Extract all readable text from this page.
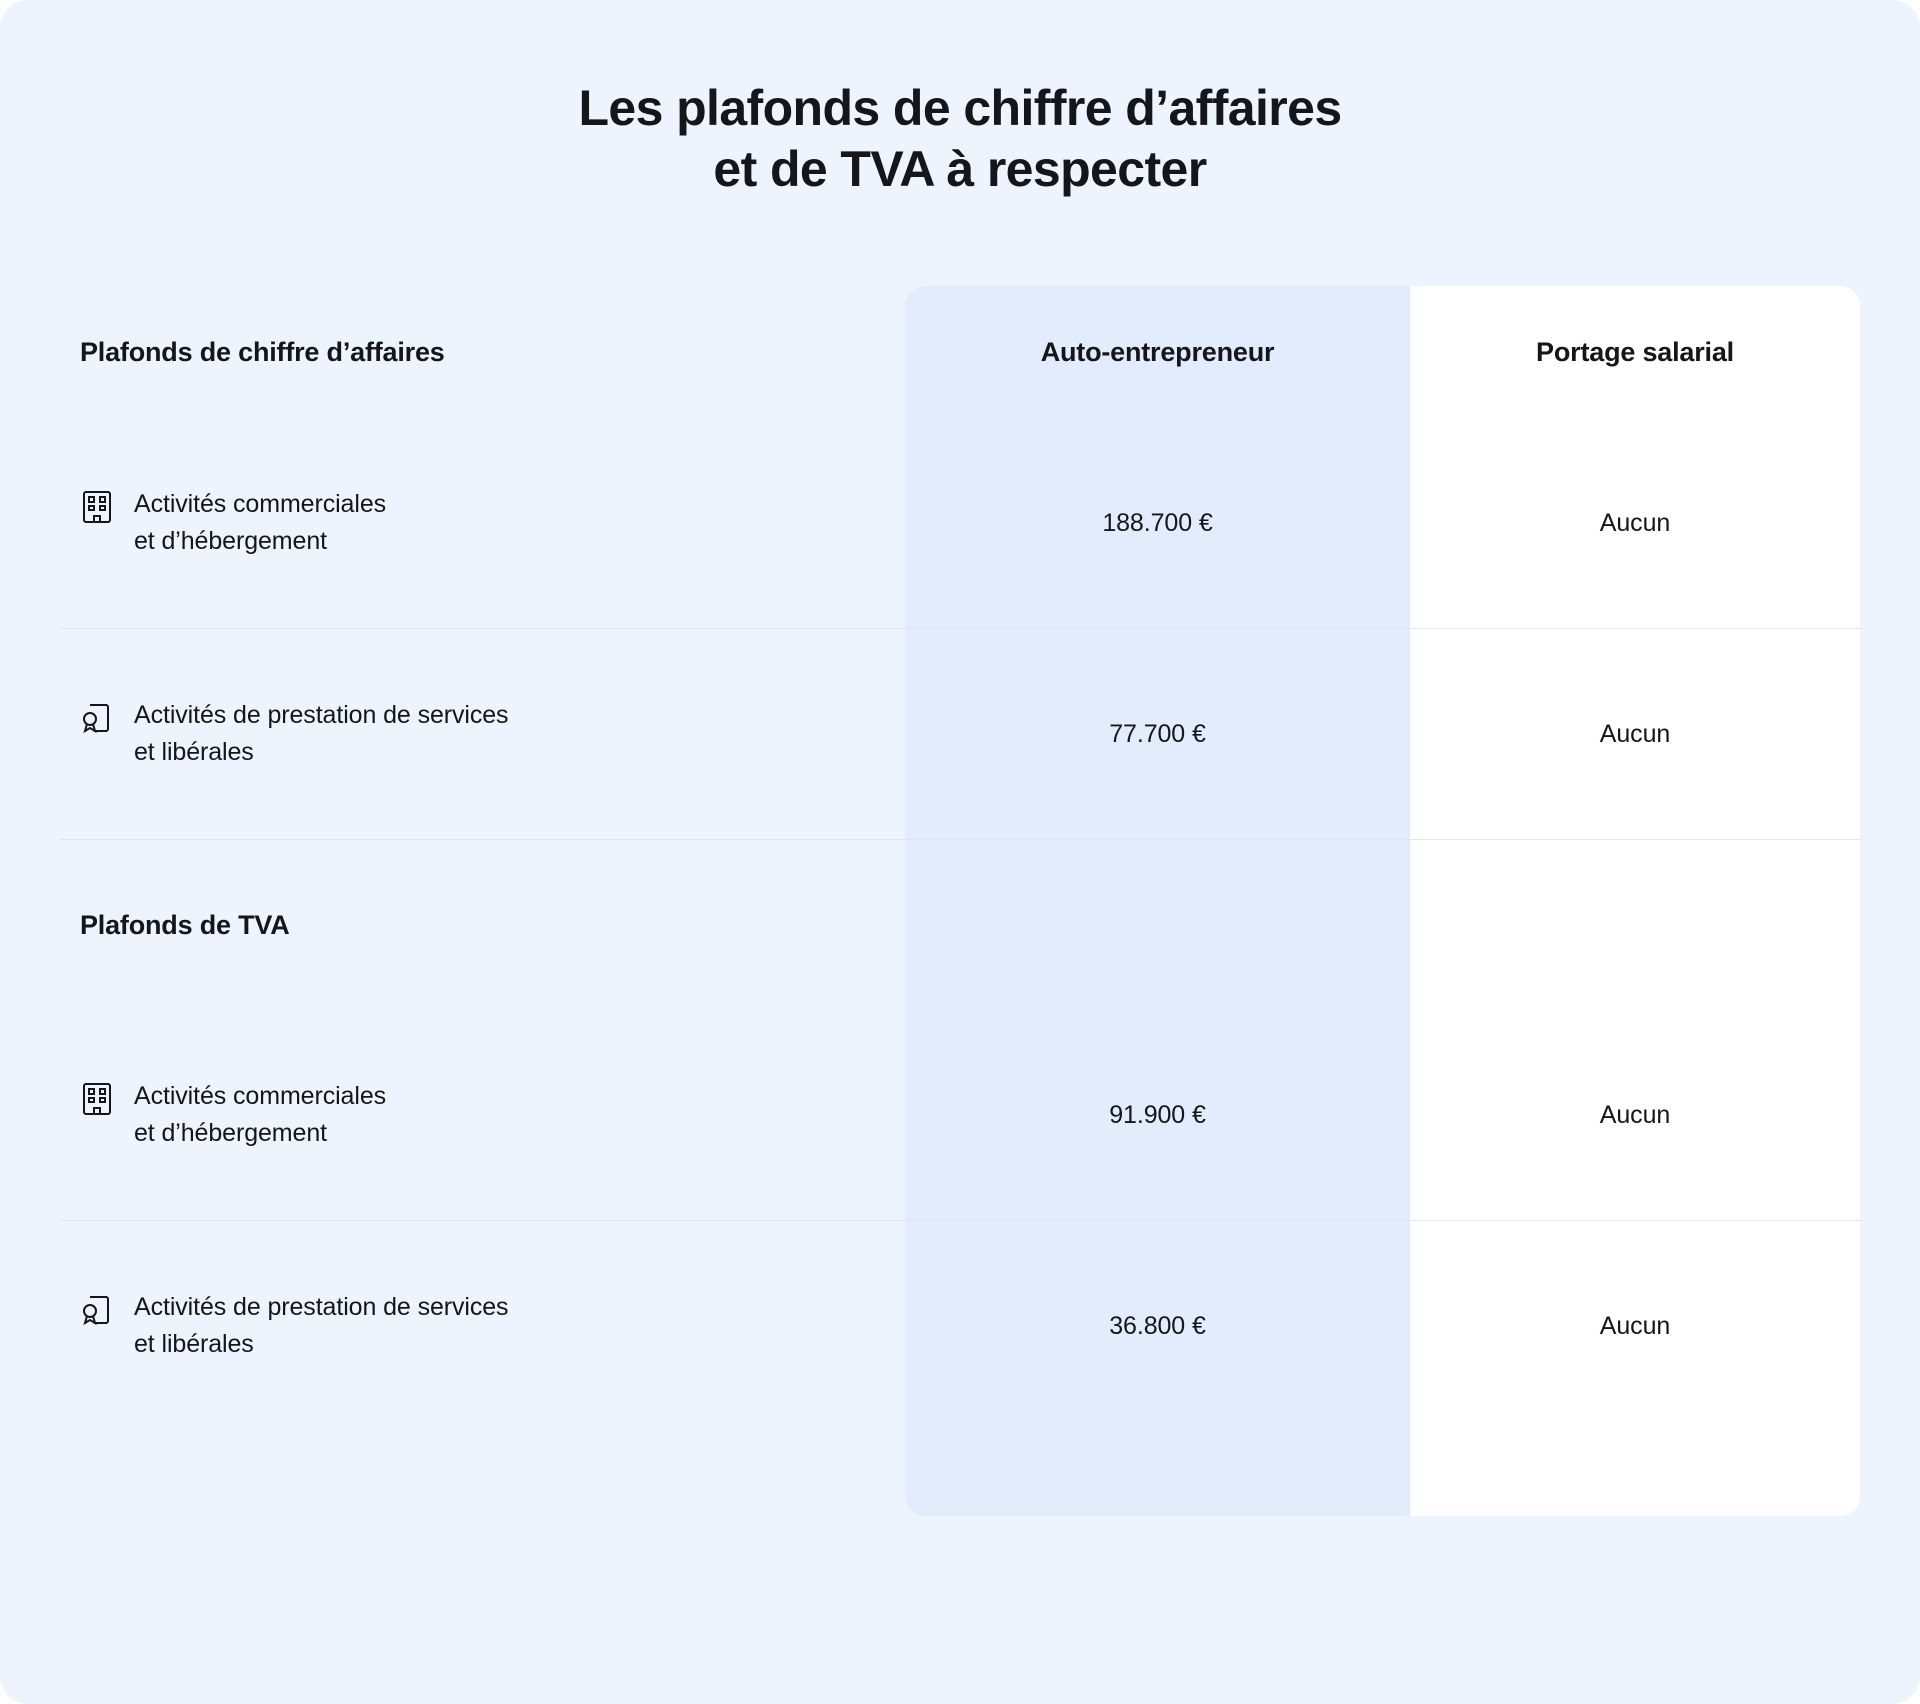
Les plafonds de chiffre d’affaires
et de TVA à respecter
Plafonds de chiffre d’affaires	Auto-entrepreneur	Portage salarial

Activités commerciales
et d’hébergement	188.700 €	Aucun

Activités de prestation de services
et libérales	77.700 €	Aucun
Plafonds de TVA		

Activités commerciales
et d’hébergement	91.900 €	Aucun

Activités de prestation de services
et libérales	36.800 €	Aucun
